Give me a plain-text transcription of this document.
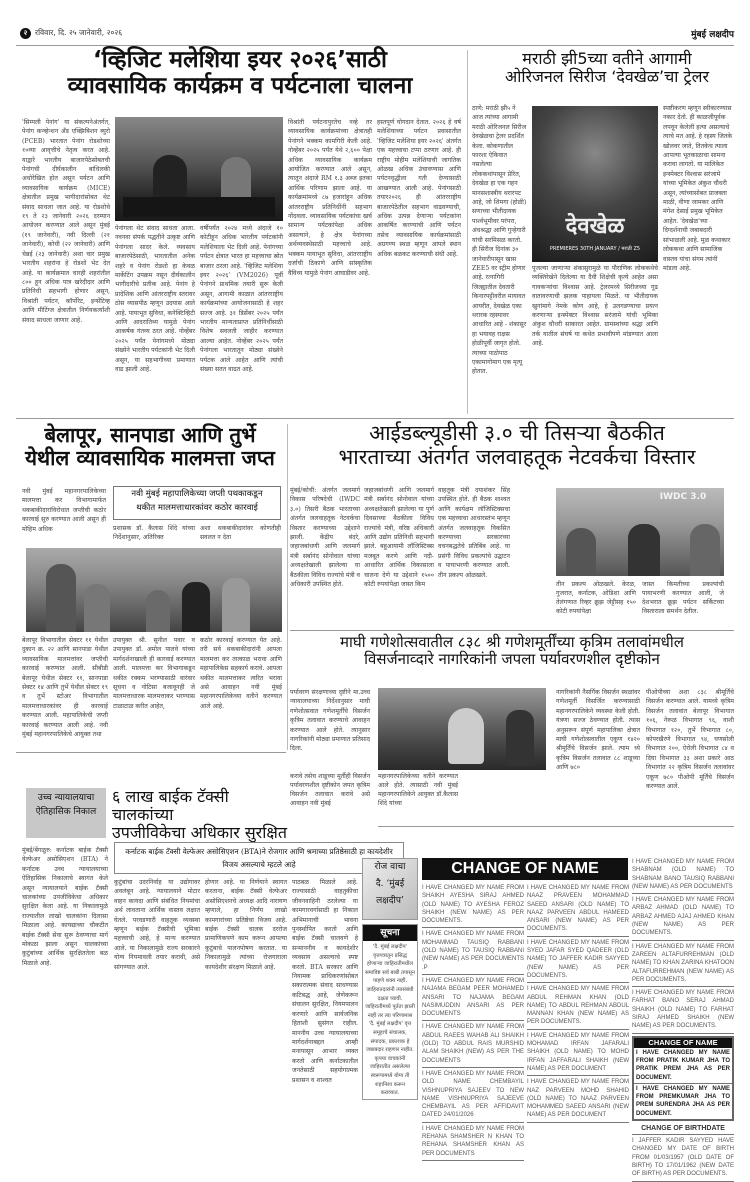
२	रविवार, दि. २५ जानेवारी, २०२६	मुंबई लक्षदीप
‘व्हिजिट मलेशिया इयर २०२६’साठी
व्यावसायिक कार्यक्रम व पर्यटनाला चालना
'सिम्पली पेनांग' या संकल्पनेअंतर्गत, पेनांग कन्व्हेन्शन अँड एक्झिबिशन ब्युरो (PCEB) भारतात पेनांग रोडशोच्या १०व्या आवृत्तीचे नेतृत्व करत आहे. याद्वारे भारतीय बाजारपेठेसोबतची पेनांगची दीर्घकालीन बांधिलकी अधोरेखित होत असून पर्यटन आणि व्यावसायिक कार्यक्रम (MICE) क्षेत्रातील प्रमुख भागीदारांसोबत थेट संवाद साधला जात आहे. या रोडशोचे १९ ते २३ जानेवारी २०२६ दरम्यान आयोजन करण्यात आले असून मुंबई (१९ जानेवारी), नवी दिल्ली (२१ जानेवारी), कोची (२२ जानेवारी) आणि चेन्नई (२३ जानेवारी) अशा चार प्रमुख भारतीय शहरांना हे रोडशो भेट देत आहे. या कार्यक्रमात चारही शहरांतील ८०० हून अधिक पात्र खरेदीदार आणि प्रतिनिधी सहभागी होणार असून, विश्रांती पर्यटन, कॉर्पोरेट, इन्सेंटिव्ह आणि मीटिंग्ज क्षेत्रातील निर्णयकर्त्यांशी संवाद साधला जाणार आहे.
पेनांगला थेट संवाद साधता आला. नवनवा संपर्क पद्धतीने उत्कृष्ट आणि पेनांगला सादर केले. व्यवसाय बाजारपेठेसाठी, भारतातील अनेक शहरे व पेनांग रोडशो हा केवळ मार्केटिंग उपक्रम नसून दीर्घकालीन भागीदारीचे प्रतीक आहे. पेनांग हे प्रादेशिक आणि आंतरराष्ट्रीय स्तरावर ठोस व्यासपीठ म्हणून उदयास आले आहे. पायाभूत सुविधा, कनेक्टिव्हिटी आणि आदरातिथ्य यामुळे पेनांग आकर्षक गंतव्य ठरत आहे. नोव्हेंबर २०२५ पर्यंत पेनांगमध्ये मोठ्या संख्येने भारतीय पर्यटकांनी भेट दिली असून, या सहभागीच्या प्रमाणात वाढ झाली आहे.
वर्षीपर्यंत २०२४ मध्ये अंदाजे १० कोटीहून अधिक भारतीय पर्यटकांनी मलेशियाला भेट दिली आहे. पेनांगच्या पर्यटन क्षेत्रात भारत हा महत्त्वाचा स्रोत बाजार ठरला आहे. 'व्हिजिट मलेशिया इयर २०२६' (VM2026) पूर्वी पेनांगने प्राथमिक तयारी सुरू केली असून, आगामी काळात आंतरराष्ट्रीय कार्यक्रमांच्या आयोजनासाठी हे शहर सज्ज आहे. ३१ डिसेंबर २०२५ पर्यंत भारतीय मान्यताप्राप्त प्रतिनिधींसाठी विशेष सवलती जाहीर करण्यात आल्या आहेत. नोव्हेंबर २०२५ पर्यंत पेनांगला भारतातून मोठ्या संख्येने पर्यटक आले आहेत आणि त्यांची संख्या सतत वाढत आहे.
विश्रांती पर्यटनापुरतेच नव्हे तर व्यावसायिक कार्यक्रमांच्या क्षेत्रातही पेनांगने भक्कम कामगिरी केली आहे. नोव्हेंबर २०२५ पर्यंत येथे २,६०० पेक्षा अधिक व्यावसायिक कार्यक्रम आयोजित करण्यात आले असून, त्यातून अंदाजे RM १.३ अब्ज इतका आर्थिक परिणाम झाला आहे. या कार्यक्रमांमध्ये ८७ हजारांहून अधिक आंतरराष्ट्रीय प्रतिनिधींनी सहभाग नोंदवला. व्यावसायिक पर्यटकांचा खर्च सामान्य पर्यटकांपेक्षा अधिक असल्याने, हे क्षेत्र पेनांगच्या अर्थव्यवस्थेसाठी महत्त्वाचे आहे. भक्कम पायाभूत सुविधा, आंतरराष्ट्रीय दर्जाची ठिकाणे आणि सांस्कृतिक वैविध्य यामुळे पेनांग आघाडीवर आहे.
हस्तपूर्ण योगदान देतात. २०२६ हे वर्ष मलेशियाच्या पर्यटन प्रवासातील 'व्हिजिट मलेशिया इयर २०२६' अंतर्गत एक महत्त्वाचा टप्पा ठरणार आहे. ही राष्ट्रीय मोहीम मलेशियाची जागतिक ओळख अधिक उंचावण्यास आणि पर्यटनवृद्धीला गती देण्यासाठी आखण्यात आली आहे. पेनांगसाठी तयार२०२६ ही आंतरराष्ट्रीय बाजारपेठेतील सहभाग वाढवण्याची, अधिक उत्पन्न देणाऱ्या पर्यटकांना आकर्षित करण्याची आणि पर्यटन तसेच व्यावसायिक कार्यक्रमांसाठी अग्रगण्य स्थळ म्हणून आपले स्थान अधिक बळकट करण्याची संधी आहे.
मराठी झी5च्या वतीने आगामी
ओरिजनल सिरीज ‘देवखेळ’चा ट्रेलर
ठाणे: मराठी झी५ ने आज त्यांच्या आगामी मराठी ओरिजनल सिरीज देवखेळचा ट्रेलर प्रदर्शित केला. कोकणातील फारशा ऐकिवात नसलेल्या लोककथांपासून प्रेरित, देवखेळ हा एक गहन मानसशास्त्रीय थरारपट आहे, जो शिमगा (होळी) सणाच्या भीतीदायक पार्श्वभूमीवर परंपरा, अंधश्रद्धा आणि गुन्हेगारी यांची सरमिसळ करतो. ही सिरीज दिनांक ३० जानेवारीपासून खास ZEE5 वर स्ट्रीम होणार आहे. रत्नागिरी जिल्ह्यातील देवतारी किनारपट्टीवरील मायावत आयरीत, देवखेळ एका थरारक रहस्यावर आधारित आहे - शंकासुर हा भयावह राक्षस होळीपूर्वी जागृत होतो. त्याच्या पाठोपाठ एकामागोमाग एक मृत्यू होतात.
देवखेळ
PREMIERES 30TH JANUARY / मराठी Z5
पूजल्या जाणाऱ्या शंकासुरामुळे या पौराणिक लोककथेचे व्यक्तिरेखेने दिलेल्या या दैवी शिक्षेची कृत्ये आहेत असा गावकऱ्यांचा विश्वास आहे. ट्रेलरमध्ये सिरीजच्या गूढ वातावरणाची झलक पाहायला मिळते. या भीतीदायक खुनांमागे नेमके कोण आहे, हे उलगडण्याचा प्रयत्न करणाऱ्या इन्स्पेक्टर विश्वास सरंजामे यांची भूमिका अंकुश चौधरी साकारत आहेत. ग्रामस्थांच्या श्रद्धा आणि तर्क यातील संघर्ष या कथेत प्रभावीपणे मांडण्यात आला आहे.
स्पष्टीकरण म्हणून स्वीकारण्यास नकार देतो. ही काळजीपूर्वक लपवून केलेली हत्या असल्याचे त्याचे मत आहे. हे रहस्य जितके खोलवर जाते, तितकेच त्याला आपल्या भूतकाळाचा सामना करावा लागतो. या मालिकेत इन्स्पेक्टर विश्वास सरंजामे यांच्या भूमिकेत अंकुश चौधरी असून, त्यांच्यासोबत प्राजक्ता माळी, वीणा जामकर आणि मंगेश देसाई प्रमुख भूमिकेत आहेत. 'देवखेळ'च्या दिग्दर्शनाची जबाबदारी सांभाळली आहे. मुळ कथाकार लोककथा आणि सामाजिक वास्तव यांचा संगम त्यांनी मांडला आहे.
बेलापूर, सानपाडा आणि तुर्भे
येथील व्यावसायिक मालमत्ता जप्त
नवी मुंबई महानगरपालिकेच्या मालमत्ता कर विभागामार्फत थकबाकीदारांविरोधात जप्तीची कठोर कारवाई सुरु करण्यात आली असून ही मोहिम अधिक
नवी मुंबई महापालिकेच्या जप्ती पथकाकडून
थकीत मालमत्ताधारकांवर कठोर कारवाई
प्रशासक डॉ. कैलास शिंदे यांच्या निर्देशानुसार, अतिरिक्त
अशा थकबाकीदारांवर कोणतीही सवलत न देता
बेलापूर विभागातील सेक्टर ११ येथील दुकान क्र. २२ आणि सानपाडा येथील व्यावसायिक मालमत्तांवर जप्तीची कारवाई करण्यात आली. सीबीडी बेलापूर येथील सेक्टर ११, सानपाडा सेक्टर १४ आणि तुर्भे येथील सेक्टर १९ व तुर्भे स्टोअर विभागातील मालमत्ताधारकांवर ही कारवाई करण्यात आली. महापालिकेची जप्ती कारवाई करण्यात आली आहे. नवी मुंबई महानगरपालिकेचे आयुक्त तथा
उपायुक्त श्री. सुनील पवार व उपायुक्त डॉ. अमोल पालवे यांच्या मार्गदर्शनाखाली ही कारवाई करण्यात आली. मालमत्ता कर विभागाकडून थकीत रक्कम भरण्यासाठी वारंवार सूचना व नोटिसा बजावूनही जे मालमत्ताधारक मालमत्ताकर भरण्यास टाळाटाळ करीत आहेत,
कठोर कारवाई करण्यात येत आहे. तरी सर्व थकबाकीदारांनी आपला मालमत्ता कर तात्काळ भरावा आणि महापालिकेस सहकार्य करावे. आपला थकीत मालमत्ताकर त्वरित भरावा असे आवाहन नवी मुंबई महानगरपालिकेच्या वतीने करण्यात आले आहे.
आईडब्ल्यूडीसी ३.० ची तिसऱ्या बैठकीत
भारताच्या अंतर्गत जलवाहतूक नेटवर्कचा विस्तार
मुंबई/कोची: अंतर्गत जलमार्ग विकास परिषदेची (IWDC ३.०) तिसरी बैठक भारताच्या अंतर्गत जलवाहतूक नेटवर्कचा विस्तार करण्याच्या उद्देशाने झाली. केंद्रीय बंदरे, जहाजबांधणी आणि जलमार्ग मंत्री सर्बानंद सोनोवाल यांच्या अध्यक्षतेखाली झालेल्या या बैठकीला विविध राज्यांचे मंत्री व अधिकारी उपस्थित होते.
जहाजबांधणी आणि जलमार्ग मंत्री सर्बानंद सोनोवाल यांच्या अध्यक्षतेखाली झालेल्या या पूर्ण दिवसाच्या बैठकीला विविध राज्यांचे मंत्री, वरिष्ठ अधिकारी आणि उद्योग प्रतिनिधी सहभागी झाले. बहुआयामी लॉजिस्टिक्स मजबूत करणे आणि नदी-आधारित आर्थिक विकासाला चालना देणे या उद्देशाने १५०० कोटी रुपयांपेक्षा जास्त किम
वाहतूक मंत्री दयाशंकर सिंह उपस्थित होते. ही बैठक शाश्वत आणि कार्यक्षम लॉजिस्टिक्सचा एक महत्त्वाचा आधारस्तंभ म्हणून अंतर्गत जलवाहतूक विकसित करण्याच्या सरकारच्या वचनबद्धतेचे प्रतिबिंब आहे. या प्रसंगी विविध प्रकल्पांचे उद्घाटन व पायाभरणी करण्यात आली. तीन प्रकल्प ओळखले.
IWDC 3.0
तीन प्रकल्प ओळखले. केरळ, गुजरात, कर्नाटक, ओडिशा आणि तेलंगणात रिव्हर क्रूझ जेट्टीसह १५० कोटी रुपयांपेक्षा
जास्त किमतीच्या प्रकल्पांची पायाभरणी करण्यात आली, जे देशभरात क्रूझ पर्यटन सर्किटच्या विस्ताराला समर्थन देतील.
माघी गणेशोत्सवातील ८३८ श्री गणेशमूर्तींच्या कृत्रिम तलावांमधील
विसर्जनाव्दारे नागरिकांनी जपला पर्यावरणशील दृष्टीकोन
पर्यावरण संरक्षणाच्या दृष्टीने मा.उच्च न्यायालयाच्या निर्देशानुसार माघी गणेशोत्सवात गणेशमूर्तींचे विसर्जन कृत्रिम तलावात करण्याचे आवाहन करण्यात आले होते. त्यानुसार नागरिकांनी मोठ्या प्रमाणात प्रतिसाद दिला.
करावे तसेच शाडूच्या मूर्तीही विसर्जन पर्यावरणशील दृष्टीकोन जपत कृत्रिम विसर्जन तलावात करावे असे आवाहन नवी मुंबई
महानगरपालिकेच्या वतीने करण्यात आले होते. त्यासाठी नवी मुंबई महानगरपालिकेने आयुक्त डॉ.कैलास शिंदे यांच्या
नागरिकांनी नैसर्गिक विसर्जन स्थळांवर गणेशमूर्ती विसर्जित करण्यासाठी महानगरपालिकेने व्यवस्था केली होती. यंत्रणा सज्ज ठेवण्यात होती. त्यास अनुसरून संपूर्ण महापालिका क्षेत्रात माघी गणेशोत्सवातील एकूण १४२० श्रीमूर्तिंचे विसर्जन झाले. त्याम ध्ये कृत्रिम विसर्जन तलावात ८८ शाडूच्या आणि ७८०
पीओपीच्या अशा ८३८ श्रीमूर्तिंचे विसर्जन करण्यात आले. यामध्ये कृत्रिम विसर्जन तलावांत बेलापूर विभागात १०६, नेरूळ विभागात ९६, वाशी विभागात १२०, तुर्भे विभागात ८०, कोपरखैरणे विभागात ९४, घणसोली विभागात २००, ऐरोली विभागात ८४ व दिघा विभागात ३३ अशा प्रकारे आठ विभागांत २२ कृत्रिम विसर्जन तलावांवर एकूण ७८० पीओपी मूर्तिंचे विसर्जन करण्यात आले.
उच्च न्यायालयाचा ऐतिहासिक निकाल
६ लाख बाईक टॅक्सी चालकांच्या
उपजीविकेचा अधिकार सुरक्षित
कर्नाटक बाईक टॅक्सी वेल्फेअर असोसिएशन (BTA)ने रोजगार आणि श्रमाच्या प्रतिष्ठेसाठी हा कायदेशीर विजय असल्याचे म्हटले आहे
मुंबई/बेंगळुरु: कर्नाटक बाईक टॅक्सी वेल्फेअर असोसिएशन (BTA) ने कर्नाटक उच्च न्यायालयाच्या ऐतिहासिक निकालाचे स्वागत केले असून न्यायालयाने बाईक टॅक्सी चालकांच्या उपजीविकेचा अधिकार सुरक्षित केला आहे. या निकालामुळे राज्यातील लाखो चालकांना दिलासा मिळाला आहे. कायद्याच्या चौकटीत बाईक टॅक्सी सेवा सुरू ठेवण्याचा मार्ग मोकळा झाला असून चालकांच्या कुटुंबांच्या आर्थिक सुरक्षिततेला बळ मिळाले आहे.
कुटुंबांचा उदरनिर्वाह या उद्योगावर अवलंबून आहे. न्यायालयाने मोटार वाहन कायदा आणि संबंधित नियमांचा अर्थ लावताना आर्थिक वास्तव लक्षात घेतले. परवडणारी वाहतूक व्यवस्था म्हणून बाईक टॅक्सीची भूमिका महत्त्वाची आहे, हे मान्य करण्यात आले. या निकालामुळे राज्य सरकारने योग्य नियमावली तयार करावी, असे सांगण्यात आले.
होणार आहे. या निर्णयाने स्वागत करताना, बाईक टॅक्सी वेल्फेअर असोसिएशनचे अध्यक्ष आदि नारायण म्हणाले, हा निर्णय लाखो कामगारांच्या प्रतिष्ठेचा विजय आहे. बाईक टॅक्सी चालक दररोज प्रामाणिकपणे काम करून आपल्या कुटुंबाचे पालनपोषण करतात. या निकालामुळे त्यांच्या रोजगाराला कायदेशीर संरक्षण मिळाले आहे.
पाठबळ मिळाले आहे. राज्यासाठी वाहतुकीचा जीवनवाहिनी ठरलेल्या या कामगारवर्गासाठी हा निकाल अभिमानाची भावना पुनर्स्थापित करतो आणि बाईक टॅक्सी चालवणे हे सन्माननीय व कायदेशीर व्यवसाय असल्याचे स्पष्ट करतो. BTA सरकार आणि नियामक प्राधिकरणांसोबत सकारात्मक संवाद साधण्यास कटिबद्ध आहे, जेणेकरून संचालन सुरक्षित, नियमपालन करणारे आणि सार्वजनिक हिताशी सुसंगत राहील. माननीय उच्च न्यायालयाच्या मार्गदर्शनाबद्दल आम्ही मनापासून आभार व्यक्त करतो आणि कर्नाटकातील जनतेसाठी सहयोगात्मक प्रशासन व शाश्वत
रोज वाचा
दै. ‘मुंबई
लक्षदीप’
सूचना
'दै. मुंबई लक्षदीप' वृत्तपत्रातून प्रसिद्ध होणाऱ्या जाहिरातीमधील समाविष्ट सर्व बाबी तपासून पाहणे शक्य नाही. जाहिरातदारांनी त्यासंबंधी दक्षता घ्यावी. जाहिरातीमध्ये पूर्तता झाली नाही तर त्या परिणामास 'दै. मुंबई लक्षदीप' वृत्त समूहाचे संचालक, संपादक, प्रकाशक हे जबाबदार राहणार नाहीत. कृपया वाचकांनी जाहिरातीत असलेल्या स्वरूपामध्ये योग्य ती शहानिशा करून कराव्यात.
CHANGE OF NAME
I HAVE CHANGED MY NAME FROM SHAIKH AYESHA SIRAJ AHMED (OLD NAME) TO AYESHA FEROZ SHAIKH (NEW NAME) AS PER DOCUMENTS.
I HAVE CHANGED MY NAME FROM MOHAMMAD TAUSIQ RABBANI (OLD NAME) TO TAUSIQ RABBANI (NEW NAME) AS PER DOCUMENTS .P
I HAVE CHANGED MY NAME FROM NAJAMA BEGAM PEER MOHAMED ANSARI TO NAJAMA BEGAM NASIMUDDIN ANSARI AS PER DOCUMENTS
I HAVE CHANGED MY NAME FROM ABDUL RAEES WAHAB ALI SHAIKH (OLD) TO ABDUL RAIS MURSHID ALAM SHAIKH (NEW) AS PER THE DOCUMENTS
I HAVE CHANGED MY NAME FROM OLD NAME CHEMBAYIL VISHNUPRIYA SAJEEV TO NEW NAME VISHNUPRIYA SAJEEVE CHEMBAYIL AS PER AFFIDAVIT DATED 24/01/2026
I HAVE CHANGED MY NAME FROM REHANA SHAMSHER N KHAN TO REHANA SHAMSHER KHAN AS PER DOCUMENTS
I HAVE CHANGED MY NAME FROM NAAZ PRAVEEN MOHAMMAD SAEED ANSARI (OLD NAME) TO NAAZ PARVEEN ABDUL HAMEED ANSARI (NEW NAME) AS PER DOCUMENTS.
I HAVE CHANGED MY NAME FROM SYED JAFAR SYED QADEER (OLD NAME) TO JAFFER KADIR SAYYED (NEW NAME) AS PER DOCUMENTS.
I HAVE CHANGED MY NAME FROM ABDUL REHMAN KHAN (OLD NAME) TO ABDUL REHMAN ABDUL MANNAN KHAN (NEW NAME) AS PER DOCUMENTS.
I HAVE CHANGED MY NAME FROM MOHAMAD IRFAN JAFARALI SHAIKH (OLD NAME) TO MOHD IRFAN JAFFARALI SHAIKH (NEW NAME) AS PER DOCUMENT
I HAVE CHANGED MY NAME FROM NAZ PARVEEN MOHD SHAHID (OLD NAME) TO NAAZ PARVEEN MOHAMMED SAEED ANSARI (NEW NAME) AS PER DOCUMENT
I HAVE CHANGED MY NAME FROM SHABNAM (OLD NAME) TO SHABNAM BANO TAUSIQ RABBANI (NEW NAME) AS PER DOCUMENTS
I HAVE CHANGED MY NAME FROM ARBAZ AHMAD (OLD NAME) TO ARBAZ AHMED AJAJ AHMED KHAN (NEW NAME) AS PER DOCUMENTS.
I HAVE CHANGED MY NAME FROM ZAREEN ALTAFURREHMAN (OLD NAME) TO KHAN ZARINA KHATOON ALTAFURREHMAN (NEW NAME) AS PER DOCUMENTS.
I HAVE CHANGED MY NAME FROM FARHAT BANO SERAJ AHMAD SHAIKH (OLD NAME) TO FARHAT SIRAJ AHMED SHAIKH (NEW NAME) AS PER DOCUMENTS.
CHANGE OF NAME
I HAVE CHANGED MY NAME FROM PRATIK KUMAR JHA TO PRATIK PREM JHA AS PER DOCUMENT.
I HAVE CHANGED MY NAME FROM PREMKUMAR JHA TO PREM SURENDRA JHA AS PER DOCUMENT.
CHANGE OF BIRTHDATE
I JAFFER KADIR SAYYED HAVE CHANGED MY DATE OF BIRTH FROM 01/03/1957 (OLD DATE OF BIRTH) TO 17/01/1962 (NEW DATE OF BIRTH) AS PER DOCUMENTS.
